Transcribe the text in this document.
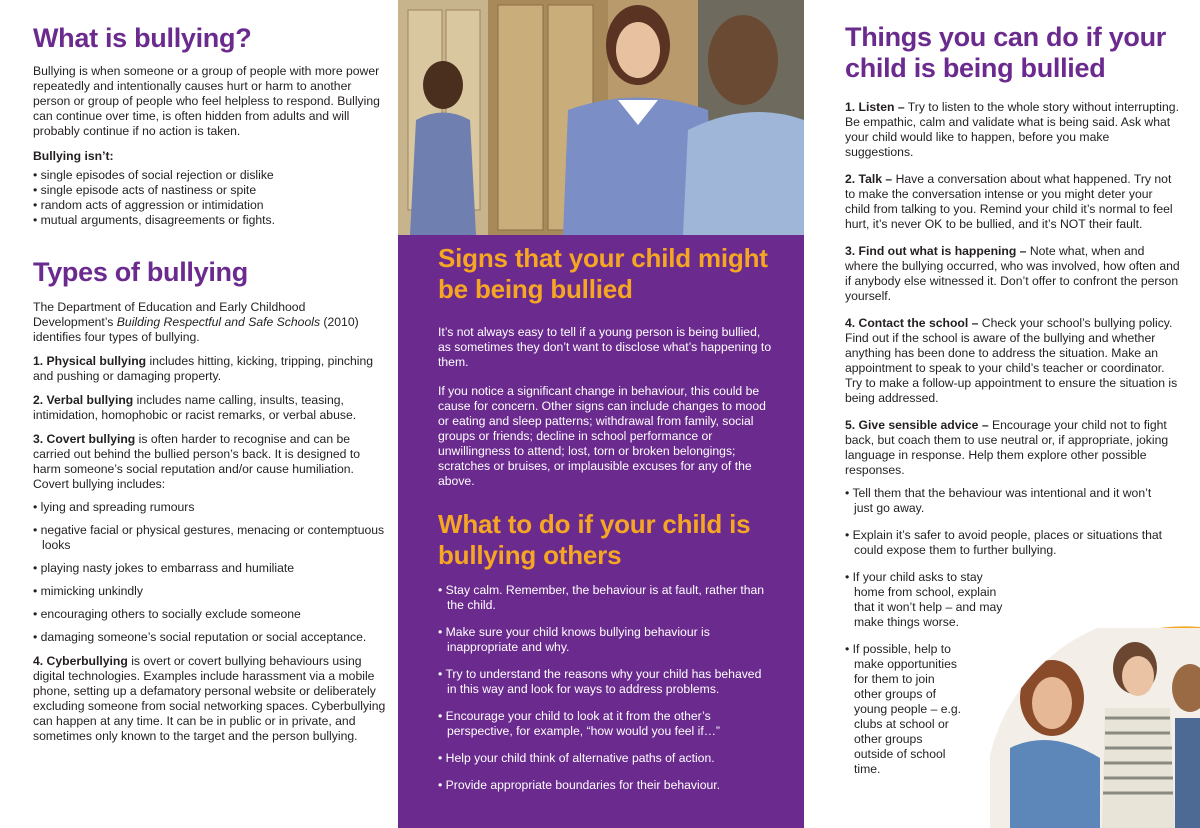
What is bullying?

Bullying is when someone or a group of people with more power repeatedly and intentionally causes hurt or harm to another person or group of people who feel helpless to respond. Bullying can continue over time, is often hidden from adults and will probably continue if no action is taken.

Bullying isn’t:

• single episodes of social rejection or dislike
• single episode acts of nastiness or spite
• random acts of aggression or intimidation
• mutual arguments, disagreements or fights.
Types of bullying

The Department of Education and Early Childhood Development’s Building Respectful and Safe Schools (2010) identifies four types of bullying.

1. Physical bullying includes hitting, kicking, tripping, pinching and pushing or damaging property.

2. Verbal bullying includes name calling, insults, teasing, intimidation, homophobic or racist remarks, or verbal abuse.

3. Covert bullying is often harder to recognise and can be carried out behind the bullied person’s back. It is designed to harm someone’s social reputation and/or cause humiliation. Covert bullying includes:

• lying and spreading rumours
• negative facial or physical gestures, menacing or contemptuous looks
• playing nasty jokes to embarrass and humiliate
• mimicking unkindly
• encouraging others to socially exclude someone
• damaging someone’s social reputation or social acceptance.

4. Cyberbullying is overt or covert bullying behaviours using digital technologies. Examples include harassment via a mobile phone, setting up a defamatory personal website or deliberately excluding someone from social networking spaces. Cyberbullying can happen at any time. It can be in public or in private, and sometimes only known to the target and the person bullying.

Signs that your child might be being bullied

It’s not always easy to tell if a young person is being bullied, as sometimes they don’t want to disclose what’s happening to them.

If you notice a significant change in behaviour, this could be cause for concern. Other signs can include changes to mood or eating and sleep patterns; withdrawal from family, social groups or friends; decline in school performance or unwillingness to attend; lost, torn or broken belongings; scratches or bruises, or implausible excuses for any of the above.

What to do if your child is bullying others
• Stay calm. Remember, the behaviour is at fault, rather than the child.
• Make sure your child knows bullying behaviour is inappropriate and why.
• Try to understand the reasons why your child has behaved in this way and look for ways to address problems.
• Encourage your child to look at it from the other’s perspective, for example, “how would you feel if…”
• Help your child think of alternative paths of action.
• Provide appropriate boundaries for their behaviour.
Things you can do if your child is being bullied

1. Listen – Try to listen to the whole story without interrupting. Be empathic, calm and validate what is being said. Ask what your child would like to happen, before you make suggestions.

2. Talk – Have a conversation about what happened. Try not to make the conversation intense or you might deter your child from talking to you. Remind your child it’s normal to feel hurt, it’s never OK to be bullied, and it’s NOT their fault.

3. Find out what is happening – Note what, when and where the bullying occurred, who was involved, how often and if anybody else witnessed it. Don’t offer to confront the person yourself.

4. Contact the school – Check your school’s bullying policy. Find out if the school is aware of the bullying and whether anything has been done to address the situation. Make an appointment to speak to your child’s teacher or coordinator. Try to make a follow-up appointment to ensure the situation is being addressed.

5. Give sensible advice – Encourage your child not to fight back, but coach them to use neutral or, if appropriate, joking language in response. Help them explore other possible responses.

• Tell them that the behaviour was intentional and it won’t just go away.
• Explain it’s safer to avoid people, places or situations that could expose them to further bullying.
• If your child asks to stay home from school, explain that it won’t help – and may make things worse.
• If possible, help to make opportunities for them to join other groups of young people – e.g. clubs at school or other groups outside of school time.
